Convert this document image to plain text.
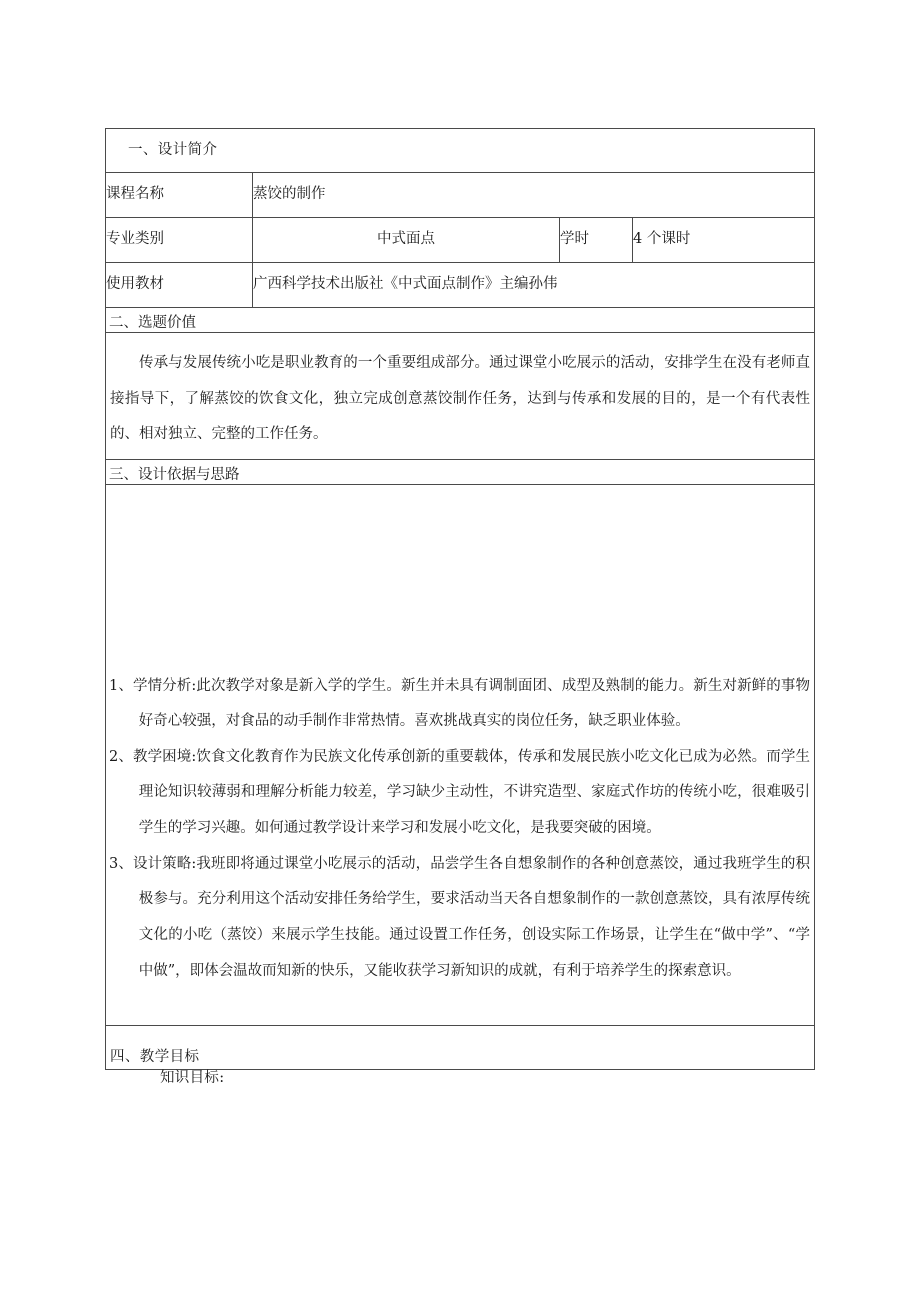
一、设计简介			

课程名称	蒸饺的制作		
专业类别	中式面点	学时	4 个课时
使用教材	广西科学技术出版社《中式面点制作》主编孙伟		

二、选题价值			

传承与发展传统小吃是职业教育的一个重要组成部分。通过课堂小吃展示的活动，安排学生在没有老师直接指导下，了解蒸饺的饮食文化，独立完成创意蒸饺制作任务，达到与传承和发展的目的，是一个有代表性的、相对独立、完整的工作任务。			

三、设计依据与思路			

1、学情分析:此次教学对象是新入学的学生。新生并未具有调制面团、成型及熟制的能力。新生对新鲜的事物好奇心较强，对食品的动手制作非常热情。喜欢挑战真实的岗位任务，缺乏职业体验。

2、教学困境:饮食文化教育作为民族文化传承创新的重要载体，传承和发展民族小吃文化已成为必然。而学生理论知识较薄弱和理解分析能力较差，学习缺少主动性，不讲究造型、家庭式作坊的传统小吃，很难吸引学生的学习兴趣。如何通过教学设计来学习和发展小吃文化，是我要突破的困境。

3、设计策略:我班即将通过课堂小吃展示的活动，品尝学生各自想象制作的各种创意蒸饺，通过我班学生的积极参与。充分利用这个活动安排任务给学生，要求活动当天各自想象制作的一款创意蒸饺，具有浓厚传统文化的小吃（蒸饺）来展示学生技能。通过设置工作任务，创设实际工作场景，让学生在“做中学”、“学中做”，即体会温故而知新的快乐，又能收获学习新知识的成就，有利于培养学生的探索意识。			

四、教学目标			
知识目标:
